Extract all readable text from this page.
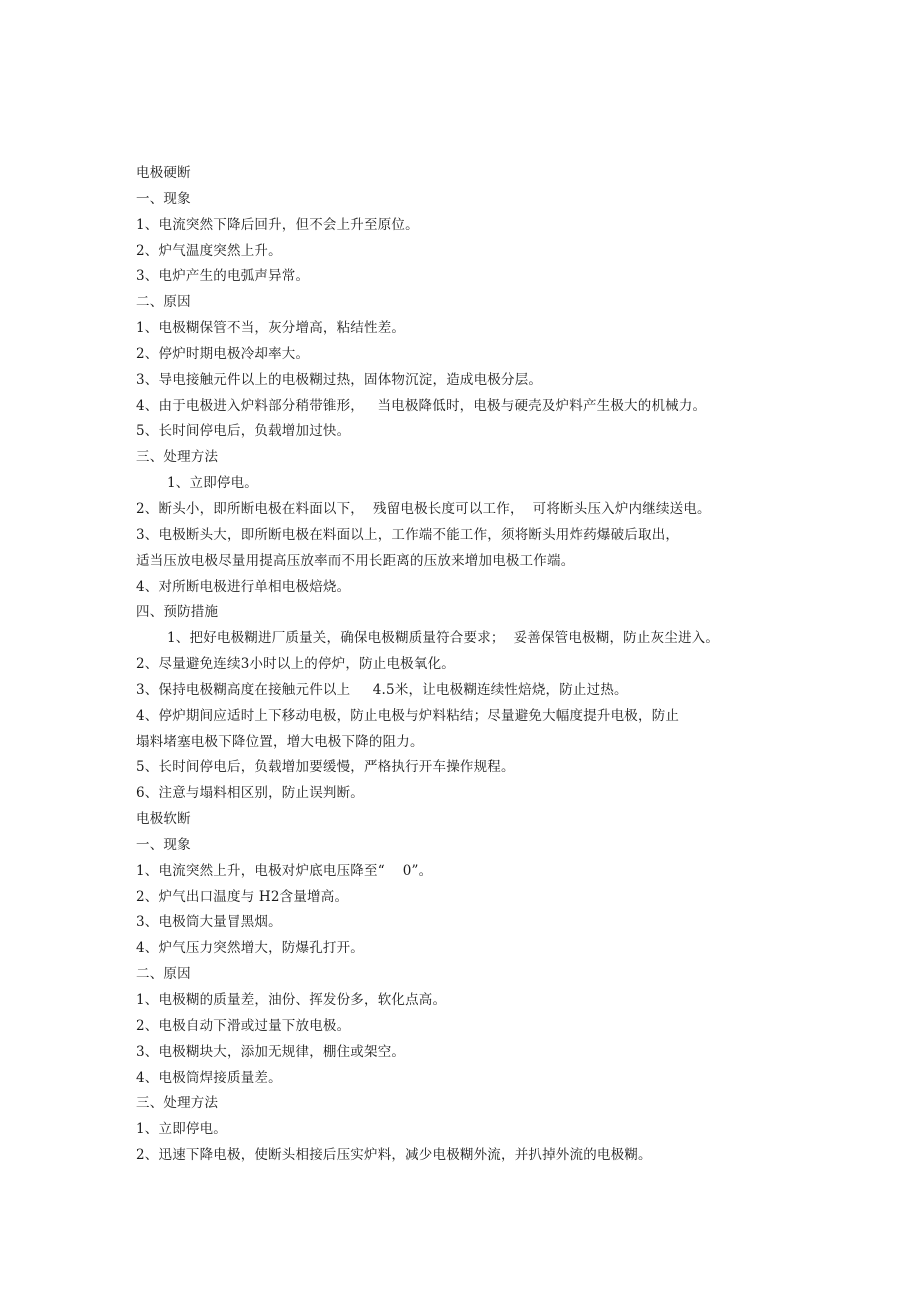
电极硬断
一、现象
1、电流突然下降后回升，但不会上升至原位。
2、炉气温度突然上升。
3、电炉产生的电弧声异常。
二、原因
1、电极糊保管不当，灰分增高，粘结性差。
2、停炉时期电极冷却率大。
3、导电接触元件以上的电极糊过热，固体物沉淀，造成电极分层。
4、由于电极进入炉料部分稍带锥形，   当电极降低时，电极与硬壳及炉料产生极大的机械力。
5、长时间停电后，负载增加过快。
三、处理方法
1、立即停电。
2、断头小，即所断电极在料面以下，  残留电极长度可以工作，  可将断头压入炉内继续送电。
3、电极断头大，即所断电极在料面以上，工作端不能工作，须将断头用炸药爆破后取出，
适当压放电极尽量用提高压放率而不用长距离的压放来增加电极工作端。
4、对所断电极进行单相电极焙烧。
四、预防措施
1、把好电极糊进厂质量关，确保电极糊质量符合要求；  妥善保管电极糊，防止灰尘进入。
2、尽量避免连续3小时以上的停炉，防止电极氧化。
3、保持电极糊高度在接触元件以上     4.5米，让电极糊连续性焙烧，防止过热。
4、停炉期间应适时上下移动电极，防止电极与炉料粘结；尽量避免大幅度提升电极，防止
塌料堵塞电极下降位置，增大电极下降的阻力。
5、长时间停电后，负载增加要缓慢，严格执行开车操作规程。
6、注意与塌料相区别，防止误判断。
电极软断
一、现象
1、电流突然上升，电极对炉底电压降至“    0”。
2、炉气出口温度与 H2含量增高。
3、电极筒大量冒黑烟。
4、炉气压力突然增大，防爆孔打开。
二、原因
1、电极糊的质量差，油份、挥发份多，软化点高。
2、电极自动下滑或过量下放电极。
3、电极糊块大，添加无规律，棚住或架空。
4、电极筒焊接质量差。
三、处理方法
1、立即停电。
2、迅速下降电极，使断头相接后压实炉料，减少电极糊外流，并扒掉外流的电极糊。
